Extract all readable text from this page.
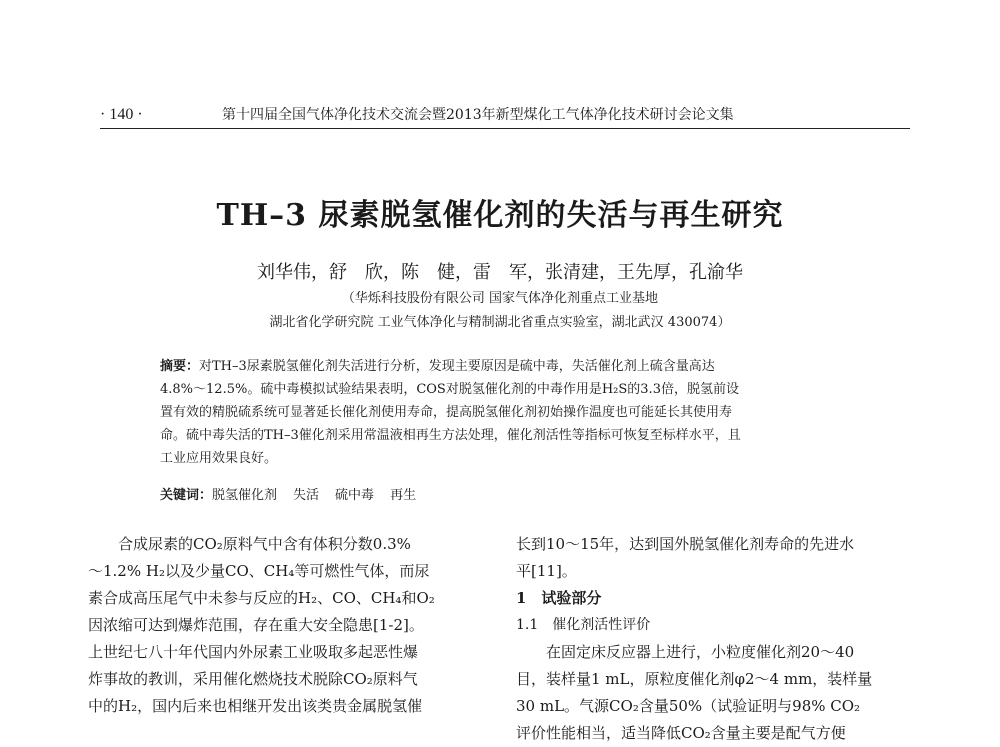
· 140 ·	第十四届全国气体净化技术交流会暨2013年新型煤化工气体净化技术研讨会论文集
TH–3 尿素脱氢催化剂的失活与再生研究
刘华伟，舒　欣，陈　健，雷　军，张清建，王先厚，孔渝华
（华烁科技股份有限公司 国家气体净化剂重点工业基地
湖北省化学研究院 工业气体净化与精制湖北省重点实验室，湖北武汉 430074）
摘要：对TH–3尿素脱氢催化剂失活进行分析，发现主要原因是硫中毒，失活催化剂上硫含量高达
4.8%～12.5%。硫中毒模拟试验结果表明，COS对脱氢催化剂的中毒作用是H₂S的3.3倍，脱氢前设
置有效的精脱硫系统可显著延长催化剂使用寿命，提高脱氢催化剂初始操作温度也可能延长其使用寿
命。硫中毒失活的TH–3催化剂采用常温液相再生方法处理，催化剂活性等指标可恢复至标样水平，且
工业应用效果良好。
关键词：脱氢催化剂 失活 硫中毒 再生
　　合成尿素的CO₂原料气中含有体积分数0.3%
～1.2% H₂以及少量CO、CH₄等可燃性气体，而尿
素合成高压尾气中未参与反应的H₂、CO、CH₄和O₂
因浓缩可达到爆炸范围，存在重大安全隐患[1-2]。
上世纪七八十年代国内外尿素工业吸取多起恶性爆
炸事故的教训，采用催化燃烧技术脱除CO₂原料气
中的H₂，国内后来也相继开发出该类贵金属脱氢催
长到10～15年，达到国外脱氢催化剂寿命的先进水
平[11]。
1　试验部分
1.1　催化剂活性评价
　　在固定床反应器上进行，小粒度催化剂20～40
目，装样量1 mL，原粒度催化剂φ2～4 mm，装样量
30 mL。气源CO₂含量50%（试验证明与98% CO₂
评价性能相当，适当降低CO₂含量主要是配气方便
